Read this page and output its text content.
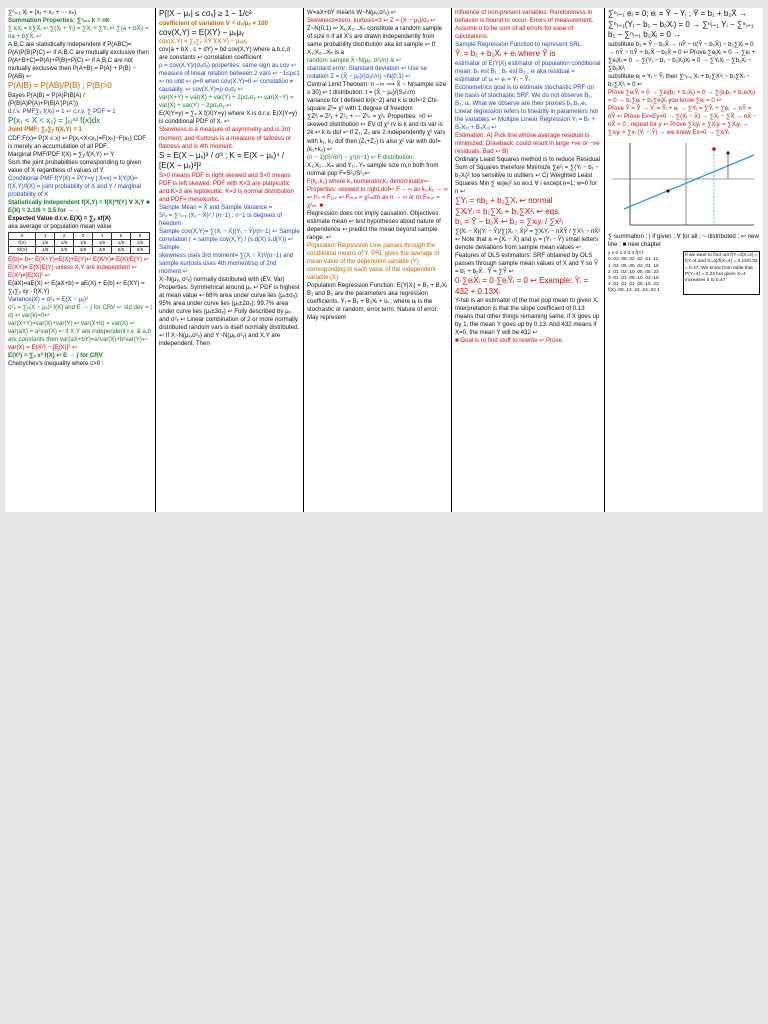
∑ⁿᵢ₌₁ Xᵢ = (x₁ + x₂ + ⋯ xₙ)

Summation Properties: ∑ⁿᵢ₌₁ k = nk

∑ kXᵢ = k∑Xᵢ ↩ ∑(Xᵢ + Yᵢ) = ∑Xᵢ + ∑Yᵢ ↩ ∑(a + bXᵢ) = na + b∑Xᵢ ↩

A,B,C are statistically independent if P(ABC)= P(A)P(B)P(C) ↩ if A,B,C are mutually exclusive then P(A+B+C)=P(A)+P(B)+P(C) ↩ if A,B,C are not mutually exclusive then P(A+B) = P(A) + P(B) − P(AB) ↩

P(A|B) = P(AB)/P(B) ; P(B)>0

Bayes P(A|B) = P(A)P(B|A) / (P(B|A)P(A)+P(B|A′)P(A′))

d.r.v. PMF∑ₓ f(Xᵢ) = 1 ↩ c.r.v. ∑ PDF = 1

P(x₁ < X < x₂) = ∫ₓ₁ˣ² f(x)dx

Joint PMF: ∑ₓ∑ᵧ f(X,Y) = 1

CDF:F(x)= P(X ≤ x) ↩ P(x₁<X<x₂)=F(x₂)−F(x₁) CDF is merely an accumulation of all PDF.

Marginal PMF/PDF f(X) = ∑ᵧ f(X,Y) ↩ Y

Sum the joint probabilities corresponding to given value of X regardless of values of Y.

Conditional PMF f(Y|X) = P(Y=y | X=x) = f(Y|X)=

f(X,Y)/f(X) = joint probability of X and Y / marginal probability of X

Statistically Independent f(X,Y) = f(X)*f(Y) ∀ X,Y ■ E(X) = 2.1/6 = 3.5 for → ↓

Expected Value d.r.v. E(X) = ∑ₓ xf(X)

aka average or population mean value

X	1	2	3	4	5	6
f(X)	1/6	1/6	1/6	1/6	1/6	1/6
Xf(X)	1/6	2/6	3/6	4/6	5/6	6/6

E(b)= b↩ E(X+Y)=E(X)+E(Y)↩ E(X/Y)≠ E(X)/E(Y) ↩ E(XY)≠ E(X)E(Y) unless X,Y are independent ↩ E(X²)≠[E(X)]² ↩

E(aX)=aE(X) ↩ E(aX+b) = aE(X) + E(b) ↩ E(XY) = ∑ₓ∑ᵧ xy · f(X,Y)

Variance(X) = σ²ₓ = E(X − μₓ)²

σ²ₓ = ∑ₓ(X − μₓ)² f(X) and E → ∫ for CRV ↩ std dev = |σ| ↩ var(k)=0↩

var(X+Y)=var(X)+var(Y) ↩ var(X+b) = var(X) ↩ var(aX) = a²var(X) ↩ if X,Y are independent r.v. & a,b are constants then var(aX+bY)=a²var(X)+b²var(Y)↩

var(X) = E(X²) − [E(X)]² ↩

E(X²) = ∑ₓ x² f(X) ↩ E → ∫ for CRV

Chebychev's inequality where c>0 :

P{|X − μₓ| ≤ cσₓ} ≥ 1 − 1/c²

coefficient of variation V = σₓ/μₓ × 100

cov(X,Y) = E(XY) − μₓμᵧ

cov(X,Y) = ∑ₓ∑ᵧ XY f(X,Y) − μₓμᵧ

cov(a + bX , c + dY) = bd cov(X,Y) where a,b,c,d are constants ↩ correlation coefficient

ρ = cov(X,Y)/(σₓσᵧ) properties: same sign as cov ↩ measure of linear relation between 2 vars ↩ −1≤ρ≤1 ↩ no unit ↩ ρ=0 when cov(X,Y)=0 ↩ correlation ≠ causality. ↩ cov(X,Y)=ρ σₓσᵧ ↩

var(X+Y) = var(X) + var(Y) + 2ρσₓσᵧ ↩ var(X−Y) = var(X) + var(Y) − 2ρσₓσᵧ ↩

E(X|Y=y) = ∑ₓ X f(X|Y=y) where X is d.r.v, E(X|Y=y) is conditional PDF of X. ↩

Skewness is a measure of asymmetry and is 3rd moment, and Kurtosis is a measure of tallness or flatness and is 4th moment.

S = E(X − μₓ)³ / σ³ ; K = E(X − μₓ)⁴ / [E(X − μₓ)²]²

S>0 means PDF is right skewed and S<0 means PDF is left skewed. PDF with K<3 are platykurtic and K>3 are leptokurtic. K=3 is normal distribution and PDF= mesokurtic.

Sample Mean = X̄ and Sample Variance =

S²ₓ = ∑ⁿᵢ₌₁ (Xᵢ − X̄)² / (n−1) ; n−1 is degrees of freedom

Sample cov(X,Y)= ∑(Xᵢ − X̄)(Yᵢ − Ȳ)/(n−1) ↩ Sample correlation r = sample cov(X,Y) / (s.d(X) s.d(Y)) ↩ Sample

skewness uses 3rd moment= ∑(X − X̄)³/(n−1) and sample kurtosis uses 4th moment/sq of 2nd moment ↩

X~N(μₓ, σ²ₓ) normally distributed with (EV, Var) Properties: Symmetrical around μₓ ↩ PDF is highest at mean value ↩ 68% area under curve lies (μₓ±σₓ); 95% area under curve lies (μₓ±2σₓ); 99.7% area under curve lies (μₓ±3σₓ) ↩ Fully described by μₓ and σ²ₓ ↩ Linear combination of 2 or more normally distributed random vars is itself normally distributed. ↩ If X~N(μₓ,σ²ₓ) and Y~N(μᵧ,σ²ᵧ) and X,Y are independent. Then

W=aX+bY means W~N(μᵥ,σ²ᵥ) ↩

Skewness=zero, kurtosis=3 ↩ Z = (X − μₓ)/σₓ ↩

Z~N(0,1) ↩ X₁,X₂...Xₙ constitute a random sample of size n if all X's are drawn independently from same probability distribution aka iid sample ↩ If X₁,X₂...Xₙ is a

random sample X̄~N(μₓ, σ²ₓ/n) & ↩

standard error: Standard deviation ↩ Use se notation Z = (X̄ − μₓ)/(σₓ/√n) ~N(0,1) ↩

Central Limit Theorem: n→∞ ⟹ X̄ ~ N(sample size ≥ 30) ↩ t distribution: t = (X̄ − μₓ)/(Sₓ/√n)

variance for t defined k/(k−2) and k is dof↩2 Chi-square Z²= χ² with 1 degree of freedom

∑Z²ᵢ = Z²₁ + Z²₂ + ⋯ Z²ₖ = χ²ₖ Properties: >0 ↩ skewed distribution ↩ EV of χ² rv is k and its var is 2k ↩ k is dof ↩ If Z₁, Z₂ are 2 independently χ² vars with k₁, k₂ dof then (Z₁+Z₂) is also χ² var with dof=(k₁+k₂) ↩

(n − 1)(S²/σ²) ~ χ²(n−1) ↩ F distribution:

X₁,X₂...Xₘ and Y₁...Yₙ sample size m,n both from normal pop F=S²₁/S²₂↩

F(k₁,k₂) where k₁ numerator,k₂ denominator↩ Properties: skewed to right,dof↩ F→ ∞ as k₁,k₂ → ∞ ↩ t²ₖ = F₁,ₖ ↩ Fₘ,ₙ = χ²ₘ/m as n → ∞ or m·Fₘ,ₙ = χ²ₘ. ■

Regression does not imply causation. Objectives: estimate mean ↩ test hypotheses about nature of dependence ↩ predict the mean beyond sample range. ↩

Population Regression Line passes through the conditional means of Y. PRL gives the average or mean value of the dependent variable (Y) corresponding to each value of the independent variable (X).

Population Regression Function: E(Y|Xᵢ) = B₁ + B₂Xᵢ B₁ and B₂ are the parameters aka regression coefficients. Yᵢ = B₁ + B₂Xᵢ + uᵢ ; where uᵢ is the stochastic or random, error term. Nature of error: May represent

influence of non-present variables. Randomness in behavior is bound to occur. Errors of measurement. Assume u to be sum of all errors for ease of calculations.

Sample Regression Function to represent SRL:

Ŷᵢ = b₁ + b₂Xᵢ + eᵢ where Ŷ is

estimator of E(Y|X) estimator of population conditional mean; b₁ est B₁ ; b₂ est B₂ ; eᵢ aka residual = estimator of uᵢ ↩ eᵢ = Yᵢ − Ŷᵢ

Econometrics goal is to estimate stochastic PRF on the basis of stochastic SRF. We do not observe B₁, B₂, uᵢ. What we observe are their proxies b₁,b₂,eᵢ.

Linear regression refers to linearity in parameters not the variables ↩ Multiple Linear Regression Yᵢ = B₁ + B₂X₂ᵢ + B₃X₃ᵢ ↩

Estimation: A) Pick line whose average residual is minimized. Drawback: could result in large +ve or −ve residuals. Bad ↩ B)

Ordinary Least Squares method is to reduce Residual Sum of Squares therefore Minimize ∑e²ᵢ = ∑(Yᵢ − b₁ − b₂Xᵢ)² too sensitive to outliers ↩ C) Weighted Least Squares Min ∑ wᵢ|eᵢ|² so w≥1 ∀ i except n=1; w=0 for n ↩

∑Yᵢ = nb₁ + b₂∑Xᵢ ↩ normal

∑XᵢYᵢ = b₁∑Xᵢ + b₂∑X²ᵢ ↩ eqs.

b₁ = Ȳ − b₂X̄ ↩ b₂ = ∑xᵢyᵢ / ∑x²ᵢ

∑(Xᵢ − X̄)(Yᵢ − Ȳ)/∑(Xᵢ − X̄)² = ∑XᵢYᵢ − nX̄Ȳ / ∑X²ᵢ − nX̄² ↩ Note that xᵢ = (Xᵢ − X̄) and yᵢ = (Yᵢ − Ȳ) small letters denote deviations from sample mean values ↩ Features of OLS estimators: SRF obtained by OLS passes through sample mean values of X and Y so Ȳ = b₁ + b₂X̄ . Ȳ = ∑Ŷ ↩

0·∑eᵢXᵢ = 0·∑eᵢŶᵢ = 0 ↩ Example: Ŷᵢ = 432 + 0.13Xᵢ

Y-hat is an estimator of the true pop mean to given X. Interpretation is that the slope coefficient of 0.13 means that other things remaining same, if X goes up by 1, the mean Y goes up by 0.13. And 432 means if X=0, the mean Y will be 432 ↩

■ Goal is to find stuff to rewrite ↩ Prove

∑ⁿᵢ₌₁ eᵢ = 0; eᵢ = Ȳ − Yᵢ ; Ȳ = b₁ + b₂X̄ → ∑ⁿᵢ₌₁(Yᵢ − b₁ − b₂Xᵢ) = 0 → ∑ⁿᵢ₌₁ Yᵢ − ∑ⁿᵢ₌₁ b₁ − ∑ⁿᵢ₌₁ b₂Xᵢ = 0 →

substitute b₁ = Ȳ − b₂X̄ → nȲ − n(Ȳ − b₂X̄) − b₂∑Xᵢ = 0 → nȲ − nȲ + b₂X̄ − b₂X̄ = 0 ↩ Prove ∑eᵢXᵢ = 0 → ∑eᵢ + ∑eᵢXᵢ = 0 → ∑(Yᵢ − b₁ − b₂Xᵢ)Xᵢ = 0 → ∑YᵢXᵢ − ∑b₁Xᵢ − ∑b₂X²ᵢ

substitute eᵢ = Yᵢ − Ŷᵢ then ∑ⁿᵢ₌₁ Xᵢ + b₂∑X²ᵢ − b₁∑Xᵢ − b₂∑X²ᵢ = 0 ↩

Prove ∑eᵢŶᵢ = 0 → ∑eᵢ(b₁ + b₂Xᵢ) = 0 → ∑(eᵢb₁ + b₂eᵢXᵢ) = 0 → b₁∑eᵢ + b₂∑eᵢXᵢ you know ∑eᵢ = 0 ↩

Prove Ȳ = Ŷ → Yᵢ = Ŷᵢ + eᵢ → ∑Yᵢ = ∑Ŷᵢ + ∑eᵢ → nȲ = nŶ ↩ Prove Ex=Ey=0 → ∑(Xᵢ − X̄) → ∑Xᵢ − ∑X̄ → nX̄ − nX̄ = 0 ; repeat for y ↩ Prove ∑xᵢyᵢ = ∑Xᵢyᵢ = ∑Xᵢyᵢ → ∑xᵢyᵢ = ∑xᵢ (Yᵢ − Ȳ) → we know Ex=0 → ∑xᵢYᵢ

∑ summation ; | if given ; ∀ for all ; ~ distributed ; ↩ new line ; ■ new chapter

y x 0 1 2 3 4 f(Y)
0 .03 .08 .02 .02 .01 .11
1 .02 .05 .06 .02 .01 .16
2 .01 .02 .10 .05 .05 .23
3 .01 .01 .05 .10 .02 .19
4 .01 .01 .01 .05 .15 .23
f(X) .08 .12 .24 .24 .32 1
If we want to find out f(Y=4|X=4) = f(Y=4 and X=4)/f(X=4) = 0.15/0.32 = 0.47. We know from table that P(Y=4) = 0.23 but given X=4 increases it to 0.47
